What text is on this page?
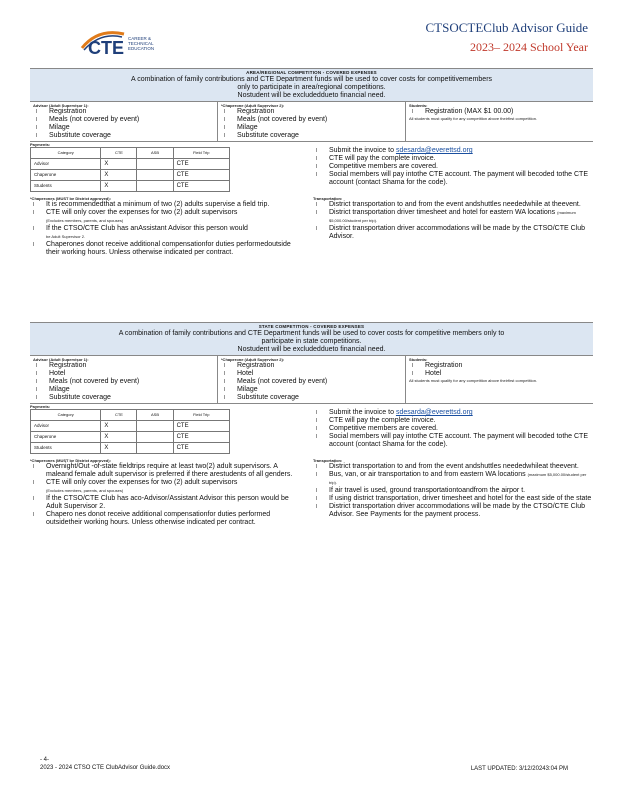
CTE CAREER &
TECHNICAL
EDUCATION
CTSOCTEClub Advisor Guide
2023– 2024 School Year
AREA/REGIONAL COMPETITION - COVERED EXPENSES

A combination of family contributions and CTE Department funds will be used to cover costs for competitivemembers

only to participate in area/regional competitions.

Nostudent will be excludeddueto financial need.

Advisor (Adult Supervisor 1):
l	Registration
l	Meals (not covered by event)
l	Milage
l	Substitute coverage
*Chaperone (Adult Supervisor 2):
l	Registration
l	Meals (not covered by event)
l	Milage
l	Substitute coverage
Students:
l	Registration (MAX $1 00.00)
All students must qualify for any competition above theirfirst competition.
Payments:
Category	CTE	ASB	Field Trip
Advisor	X		CTE
Chaperone	X		CTE
Students	X		CTE
l	Submit the invoice to sdesarda@everettsd.org
l	CTE will pay the complete invoice.
l	Competitive members are covered.
l	Social members will pay intothe CTE account. The payment will becoded tothe CTE account (contact Shama for the code).
*Chaperones (MUST be District approved):
l	It is recommendedthat a minimum of two (2) adults supervise a field trip.
l	CTE will only cover the expenses for two (2) adult supervisors
(Excludes members, parents, and spouses)
l	If the CTSO/CTE Club has anAssistant Advisor this person would
be Adult Supervisor 2.
l	Chaperones donot receive additional compensationfor duties performedoutside their working hours. Unless otherwise indicated per contract.
Transportation:
l	District transportation to and from the event andshuttles neededwhile at theevent.
l	District transportation driver timesheet and hotel for eastern WA locations (maximum $5,000.00/student per trip).
l	District transportation driver accommodations will be made by the CTSO/CTE Club Advisor.
STATE COMPETITION - COVERED EXPENSES

A combination of family contributions and CTE Department funds will be used to cover costs for competitive members only to

participate in state competitions.

Nostudent will be excludeddueto financial need.

Advisor (Adult Supervisor 1):
l	Registration
l	Hotel
l	Meals (not covered by event)
l	Milage
l	Substitute coverage
*Chaperone (Adult Supervisor 2):
l	Registration
l	Hotel
l	Meals (not covered by event)
l	Milage
l	Substitute coverage
Students:
l	Registration
l	Hotel
All students must qualify for any competition above theirfirst competition.
Payments:
Category	CTE	ASB	Field Trip
Advisor	X		CTE
Chaperone	X		CTE
Students	X		CTE
l	Submit the invoice to sdesarda@everettsd.org
l	CTE will pay the complete invoice.
l	Competitive members are covered.
l	Social members will pay intothe CTE account. The payment will becoded tothe CTE account (contact Shama for the code).
*Chaperones (MUST be District approved):
l	Overnight/Out -of-state fieldtrips require at least two(2) adult supervisors. A maleand female adult supervisor is preferred if there arestudents of all genders.
l	CTE will only cover the expenses for two (2) adult supervisors
(Excludes members, parents, and spouses)
l	If the CTSO/CTE Club has aco-Advisor/Assistant Advisor this person would be Adult Supervisor 2.
l	Chapero nes donot receive additional compensationfor duties performed outsidetheir working hours. Unless otherwise indicated per contract.
Transportation:
l	District transportation to and from the event andshuttles neededwhileat theevent.
l	Bus, van, or air transportation to and from eastern WA locations (maximum $5,000.00/student per trip).
l	If air travel is used, ground transportationtoandfrom the airpor t.
l	If using district transportation, driver timesheet and hotel for the east side of the state
l	District transportation driver accommodations will be made by the CTSO/CTE Club Advisor. See Payments for the payment process.
- 4-
2023 - 2024 CTSO CTE ClubAdvisor Guide.docx	LAST UPDATED: 3/12/20243:04 PM
